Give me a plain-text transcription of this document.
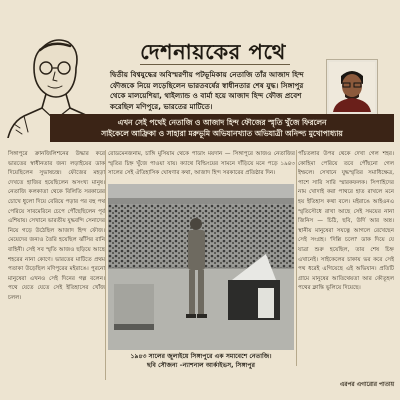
দেশনায়কের পথে

দ্বিতীয় বিশ্বযুদ্ধের অবিস্মরণীয় পটভূমিকায় নেতাজি তাঁর আজাদ হিন্দ ফৌজকে নিয়ে লড়েছিলেন ভারতবর্ষের স্বাধীনতার শেষ যুদ্ধ। সিঙ্গাপুর থেকে মালয়েশিয়া, থাইল্যান্ড ও বার্মা হয়ে আজাদ হিন্দ ফৌজ প্রবেশ করেছিল মণিপুরে, ভারতের মাটিতে।

এখন সেই পথেই নেতাজি ও আজাদ হিন্দ ফৌজের স্মৃতি খুঁজে ফিরলেন
সাইকেলে আফ্রিকা ও সাহারা মরুভূমি অভিযানখ্যাত অভিযাত্রী অনিন্দ্য মুখোপাধ্যায়

সিঙ্গাপুরে ক্রানজিলিশনের উদ্ধার করে ভারতের স্বাধীনতার জন্য লড়াইয়ের ডাক দিয়েছিলেন সুভাষচন্দ্র। ফৌজের মহড়া দেখতে হাজির হয়েছিলেন অসংখ্য মানুষ। নেতাজি কলকাতা থেকে বিলিতি সরকারের চোখে ধুলো দিয়ে বেরিয়ে পড়ার পর বহু পথ পেরিয়ে সাবমেরিনে চেপে পৌঁছেছিলেন পূর্ব এশিয়ায়। সেখানে ভারতীয় যুদ্ধবন্দি সেনাদের নিয়ে গড়ে উঠেছিল আজাদ হিন্দ ফৌজ। মেয়েদের জন্যও তৈরি হয়েছিল ঝাঁসির রানি বাহিনী। সেই সব স্মৃতি আজও ছড়িয়ে আছে শহরের নানা কোণে। ভারতের মাটিতে প্রথম পতাকা উড়েছিল মণিপুরের মইরাঙে। পুরনো মানুষেরা এখনও সেই দিনের গল্প বলেন। পথে যেতে যেতে সেই ইতিহাসের খোঁজ চলল।

রোডমেনজনাম, চাঙ্গি মুসিয়াম থেকে পাডাং ময়দান — সিঙ্গাপুরে আজও নেতাজির স্মৃতির চিহ্ন খুঁজে পাওয়া যায়। ক্যাথে বিল্ডিংয়ের সামনে দাঁড়িয়ে মনে পড়ে ১৯৪৩ সালের সেই ঐতিহাসিক ঘোষণার কথা, আজাদ হিন্দ সরকারের প্রতিষ্ঠার দিন।

পাঁচতলার উপর থেকে দেখা গেল শহর। কোহিমা পেরিয়ে তবে পৌঁছনো গেল ইম্ফলে। সেখানে যুদ্ধস্মৃতির সমাধিক্ষেত্র, পাশে সারি সারি স্মারকফলক। সিপাহিদের নাম খোদাই করা পাথরে হাত রাখলে মনে হয় ইতিহাস কথা বলে। মইরাঙে আইএনএ স্মৃতিসৌধে রাখা আছে সেই সময়ের নানা জিনিস — চিঠি, ছবি, উর্দি আর অস্ত্র। স্থানীয় মানুষেরা সযত্নে আগলে রেখেছেন সেই সংগ্রহ। 'দিল্লি চলো' ডাক দিয়ে যে যাত্রা শুরু হয়েছিল, তার শেষ চিহ্ন এখানেই। সাইকেলের চাকায় ভর করে সেই পথ ধরেই এগিয়েছে এই অভিযান। প্রতিটি গ্রামে মানুষের আতিথেয়তা আর কৌতূহল পথের ক্লান্তি ভুলিয়ে দিয়েছে।

১৯৪৩ সালের জুলাইয়ে সিঙ্গাপুরে এক সমাবেশে নেতাজি।
ছবি সৌজন্য –ন্যাশনাল আর্কাইভস, সিঙ্গাপুর
এরপর এগারোর পাতায়
